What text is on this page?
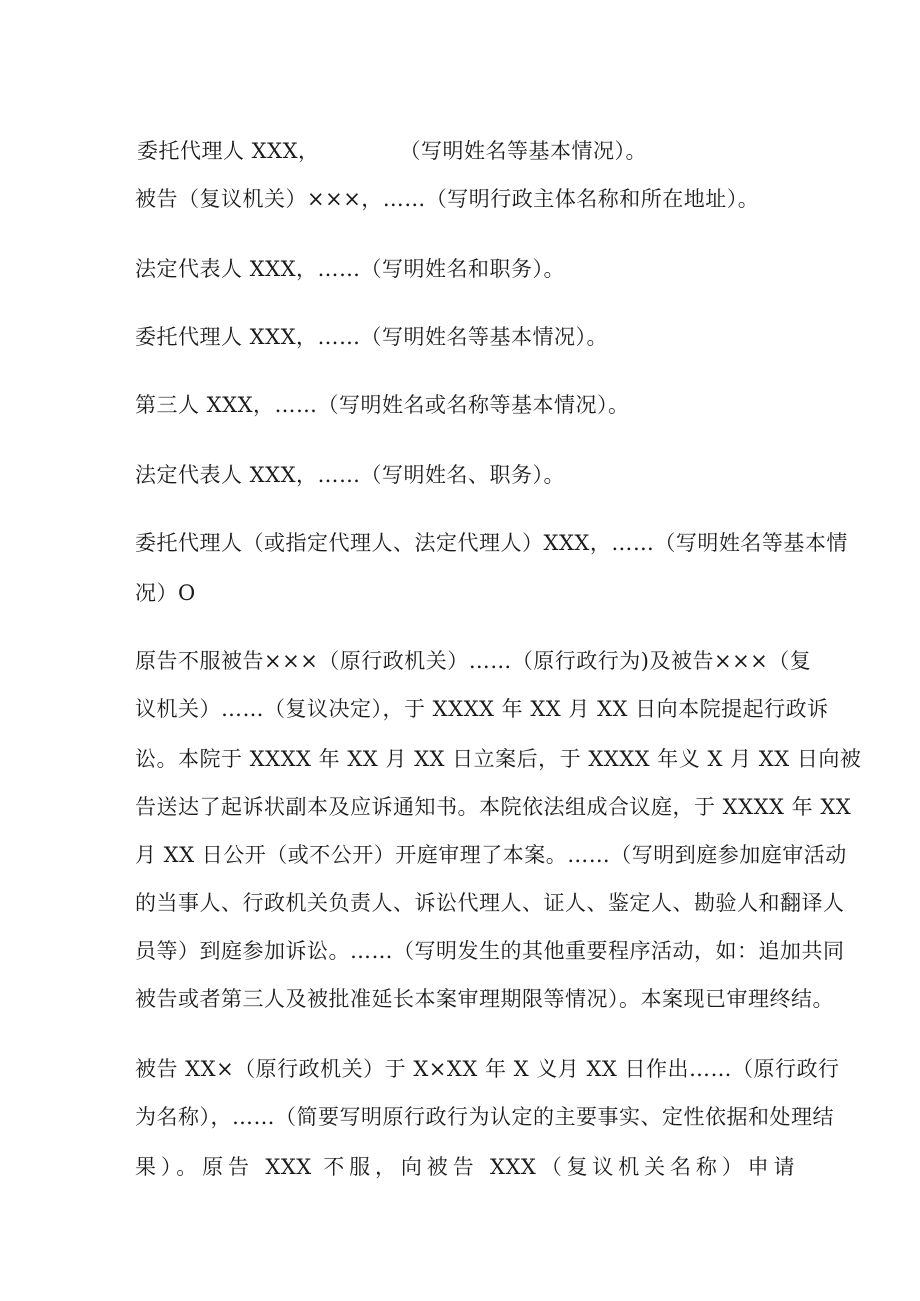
委托代理人 XXX，	（写明姓名等基本情况）。
被告（复议机关）×××，……（写明行政主体名称和所在地址）。
法定代表人 XXX，……（写明姓名和职务）。
委托代理人 XXX，……（写明姓名等基本情况）。
第三人 XXX，……（写明姓名或名称等基本情况）。
法定代表人 XXX，……（写明姓名、职务）。
委托代理人（或指定代理人、法定代理人）XXX，……（写明姓名等基本情
况）O
原告不服被告×××（原行政机关）……（原行政行为)及被告×××（复
议机关）……（复议决定），于 XXXX 年 XX 月 XX 日向本院提起行政诉
讼。本院于 XXXX 年 XX 月 XX 日立案后，于 XXXX 年义 X 月 XX 日向被
告送达了起诉状副本及应诉通知书。本院依法组成合议庭，于 XXXX 年 XX
月 XX 日公开（或不公开）开庭审理了本案。……（写明到庭参加庭审活动
的当事人、行政机关负责人、诉讼代理人、证人、鉴定人、勘验人和翻译人
员等）到庭参加诉讼。……（写明发生的其他重要程序活动，如：追加共同
被告或者第三人及被批准延长本案审理期限等情况）。本案现已审理终结。
被告 XX×（原行政机关）于 X×XX 年 X 义月 XX 日作出……（原行政行
为名称），……（简要写明原行政行为认定的主要事实、定性依据和处理结
果）。原告 XXX 不服，向被告 XXX（复议机关名称）申请
